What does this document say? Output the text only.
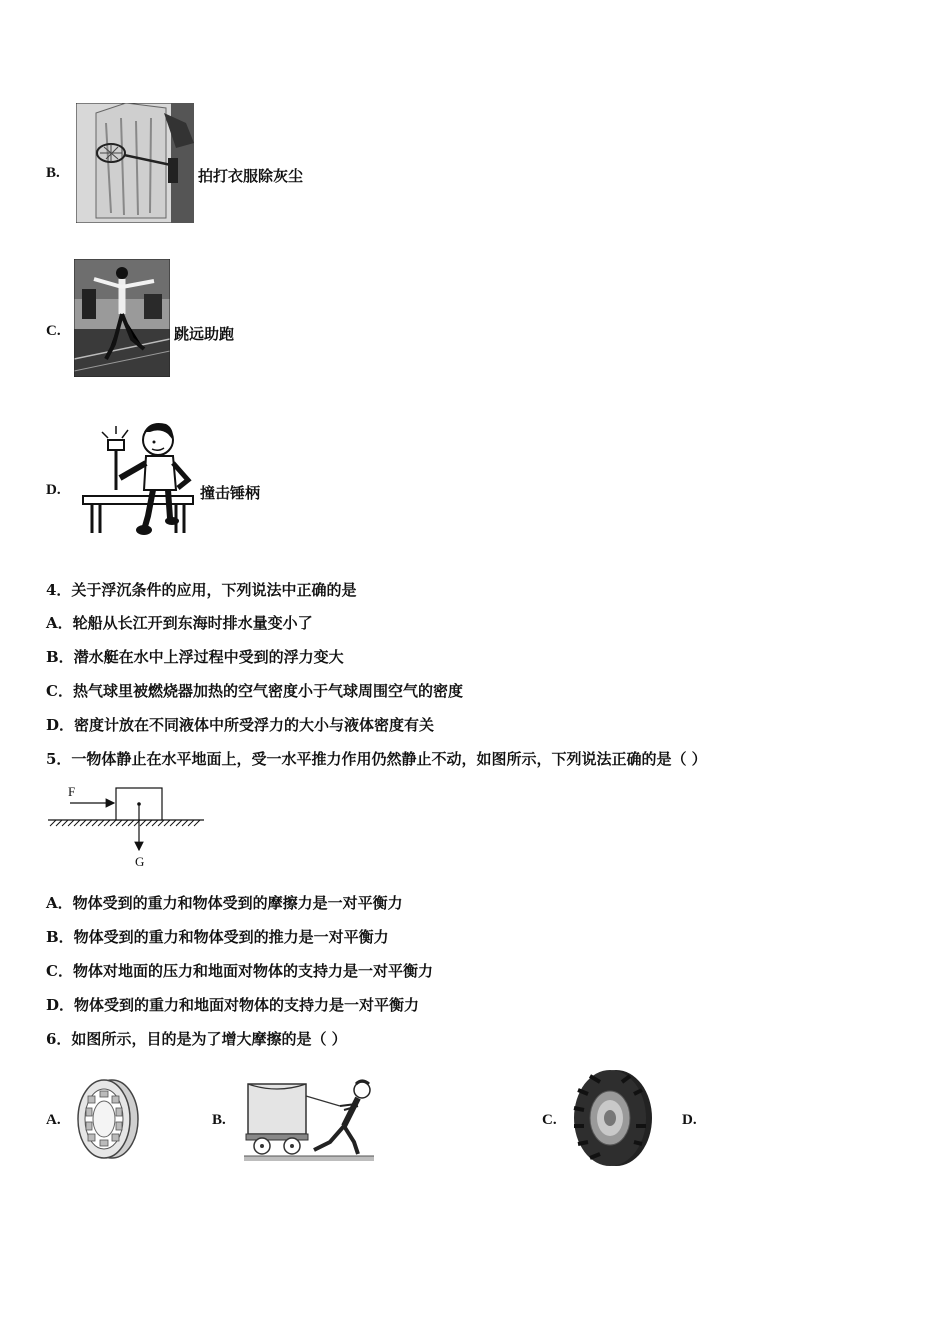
B.	拍打衣服除灰尘
C.	跳远助跑
D.	撞击锤柄
4．关于浮沉条件的应用，下列说法中正确的是
A．轮船从长江开到东海时排水量变小了
B．潜水艇在水中上浮过程中受到的浮力变大
C．热气球里被燃烧器加热的空气密度小于气球周围空气的密度
D．密度计放在不同液体中所受浮力的大小与液体密度有关
5．一物体静止在水平地面上，受一水平推力作用仍然静止不动，如图所示，下列说法正确的是（ ）
F
G
A．物体受到的重力和物体受到的摩擦力是一对平衡力
B．物体受到的重力和物体受到的推力是一对平衡力
C．物体对地面的压力和地面对物体的支持力是一对平衡力
D．物体受到的重力和地面对物体的支持力是一对平衡力
6．如图所示，目的是为了增大摩擦的是（ ）
A.	B.	C.	D.
